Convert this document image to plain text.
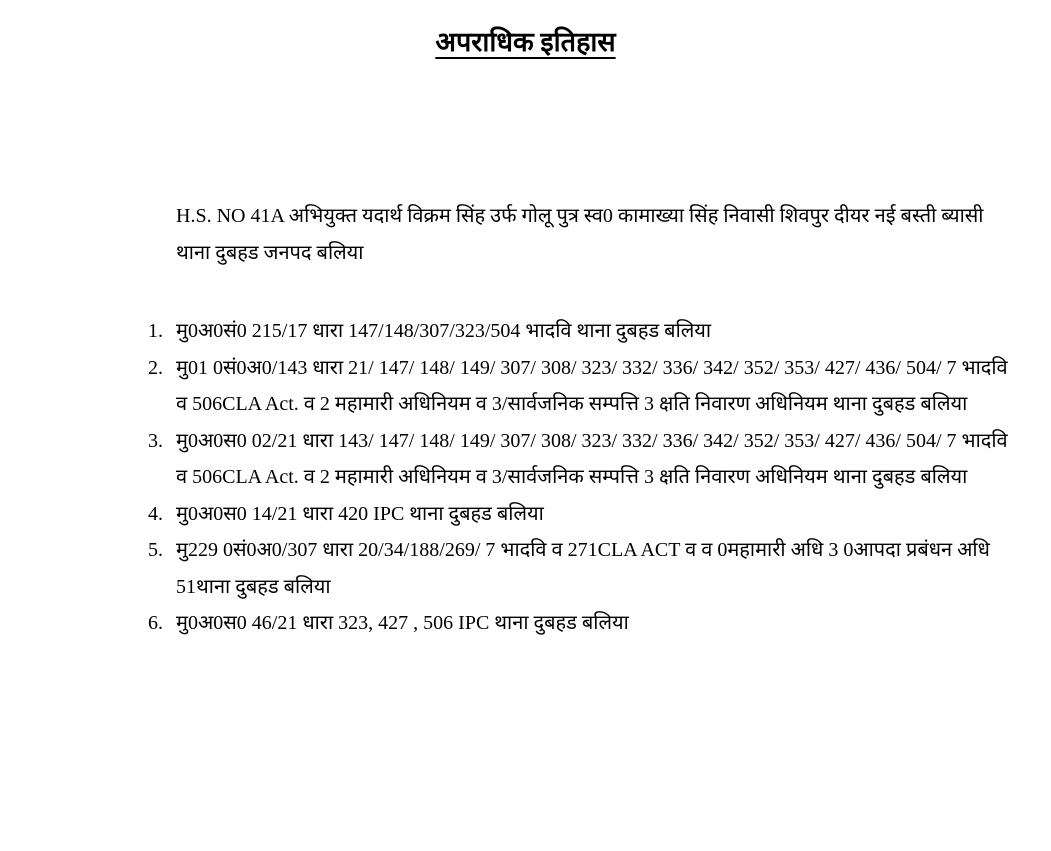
अपराधिक इतिहास
H.S. NO 41A अभियुक्त यदार्थ विक्रम सिंह उर्फ गोलू पुत्र स्व0 कामाख्या सिंह निवासी शिवपुर दीयर नई बस्ती ब्यासी थाना दुबहड जनपद बलिया
1. मु0अ0सं0 215/17 धारा 147/148/307/323/504 भादवि थाना दुबहड बलिया
2. मु01 0सं0अ0/143 धारा 21/ 147/ 148/ 149/ 307/ 308/ 323/ 332/ 336/ 342/ 352/ 353/ 427/ 436/ 504/ 7 भादवि व 506CLA Act. व 2 महामारी अधिनियम व 3/सार्वजनिक सम्पत्ति 3 क्षति निवारण अधिनियम थाना दुबहड बलिया
3. मु0अ0स0 02/21 धारा 143/ 147/ 148/ 149/ 307/ 308/ 323/ 332/ 336/ 342/ 352/ 353/ 427/ 436/ 504/ 7 भादवि व 506CLA Act. व 2 महामारी अधिनियम व 3/सार्वजनिक सम्पत्ति 3 क्षति निवारण अधिनियम थाना दुबहड बलिया
4. मु0अ0स0 14/21 धारा 420 IPC थाना दुबहड बलिया
5. मु229 0सं0अ0/307 धारा 20/34/188/269/ 7 भादवि व 271CLA ACT व व 0महामारी अधि 3 0आपदा प्रबंधन अधि 51थाना दुबहड बलिया
6. मु0अ0स0 46/21 धारा 323, 427 , 506 IPC थाना दुबहड बलिया
